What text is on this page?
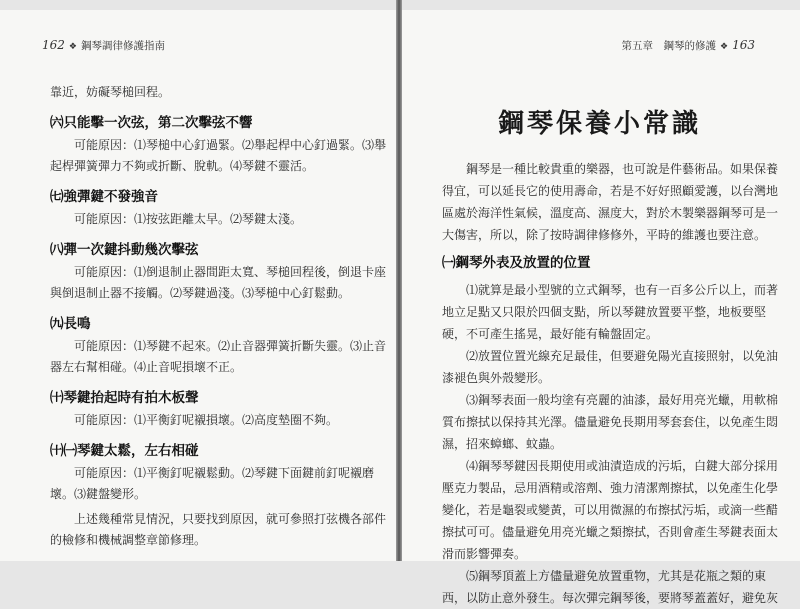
162 ❖ 鋼琴調律修護指南

靠近，妨礙琴槌回程。

㈥只能擊一次弦，第二次擊弦不響

可能原因：⑴琴槌中心釘過緊。⑵舉起桿中心釘過緊。⑶舉

起桿彈簧彈力不夠或折斷、脫軌。⑷琴鍵不靈活。

㈦強彈鍵不發強音

可能原因：⑴按弦距離太早。⑵琴鍵太淺。

㈧彈一次鍵抖動幾次擊弦

可能原因：⑴倒退制止器間距太寬、琴槌回程後，倒退卡座

與倒退制止器不接觸。⑵琴鍵過淺。⑶琴槌中心釘鬆動。

㈨長鳴

可能原因：⑴琴鍵不起來。⑵止音器彈簧折斷失靈。⑶止音

器左右幫相碰。⑷止音呢損壞不正。

㈩琴鍵抬起時有拍木板聲

可能原因：⑴平衡釘呢襯損壞。⑵高度墊圈不夠。

㈩㈠琴鍵太鬆，左右相碰

可能原因：⑴平衡釘呢襯鬆動。⑵琴鍵下面鍵前釘呢襯磨

壞。⑶鍵盤變形。

上述幾種常見情況，只要找到原因，就可參照打弦機各部件

的檢修和機械調整章節修理。

第五章　鋼琴的修護 ❖ 163
鋼琴保養小常識

鋼琴是一種比較貴重的樂器，也可說是件藝術品。如果保養

得宜，可以延長它的使用壽命，若是不好好照顧愛護，以台灣地

區處於海洋性氣候，溫度高、濕度大，對於木製樂器鋼琴可是一

大傷害，所以，除了按時調律修修外，平時的維護也要注意。

㈠鋼琴外表及放置的位置

⑴就算是最小型號的立式鋼琴，也有一百多公斤以上，而著

地立足點又只限於四個支點，所以琴鍵放置要平整，地板要堅

硬，不可產生搖晃，最好能有輪盤固定。

⑵放置位置光線充足最佳，但要避免陽光直接照射，以免油

漆褪色與外殼變形。

⑶鋼琴表面一般均塗有亮麗的油漆，最好用亮光蠟，用軟棉

質布擦拭以保持其光澤。儘量避免長期用琴套套住，以免產生悶

濕，招來蟑螂、蚊蟲。

⑷鋼琴琴鍵因長期使用或油漬造成的污垢，白鍵大部分採用

壓克力製品，忌用酒精或溶劑、強力清潔劑擦拭，以免產生化學

變化，若是龜裂或變黃，可以用微濕的布擦拭污垢，或滴一些醋

擦拭可可。儘量避免用亮光蠟之類擦拭，否則會產生琴鍵表面太

滑而影響彈奏。

⑸鋼琴頂蓋上方儘量避免放置重物，尤其是花瓶之類的東

西，以防止意外發生。每次彈完鋼琴後，要將琴蓋蓋好，避免灰
